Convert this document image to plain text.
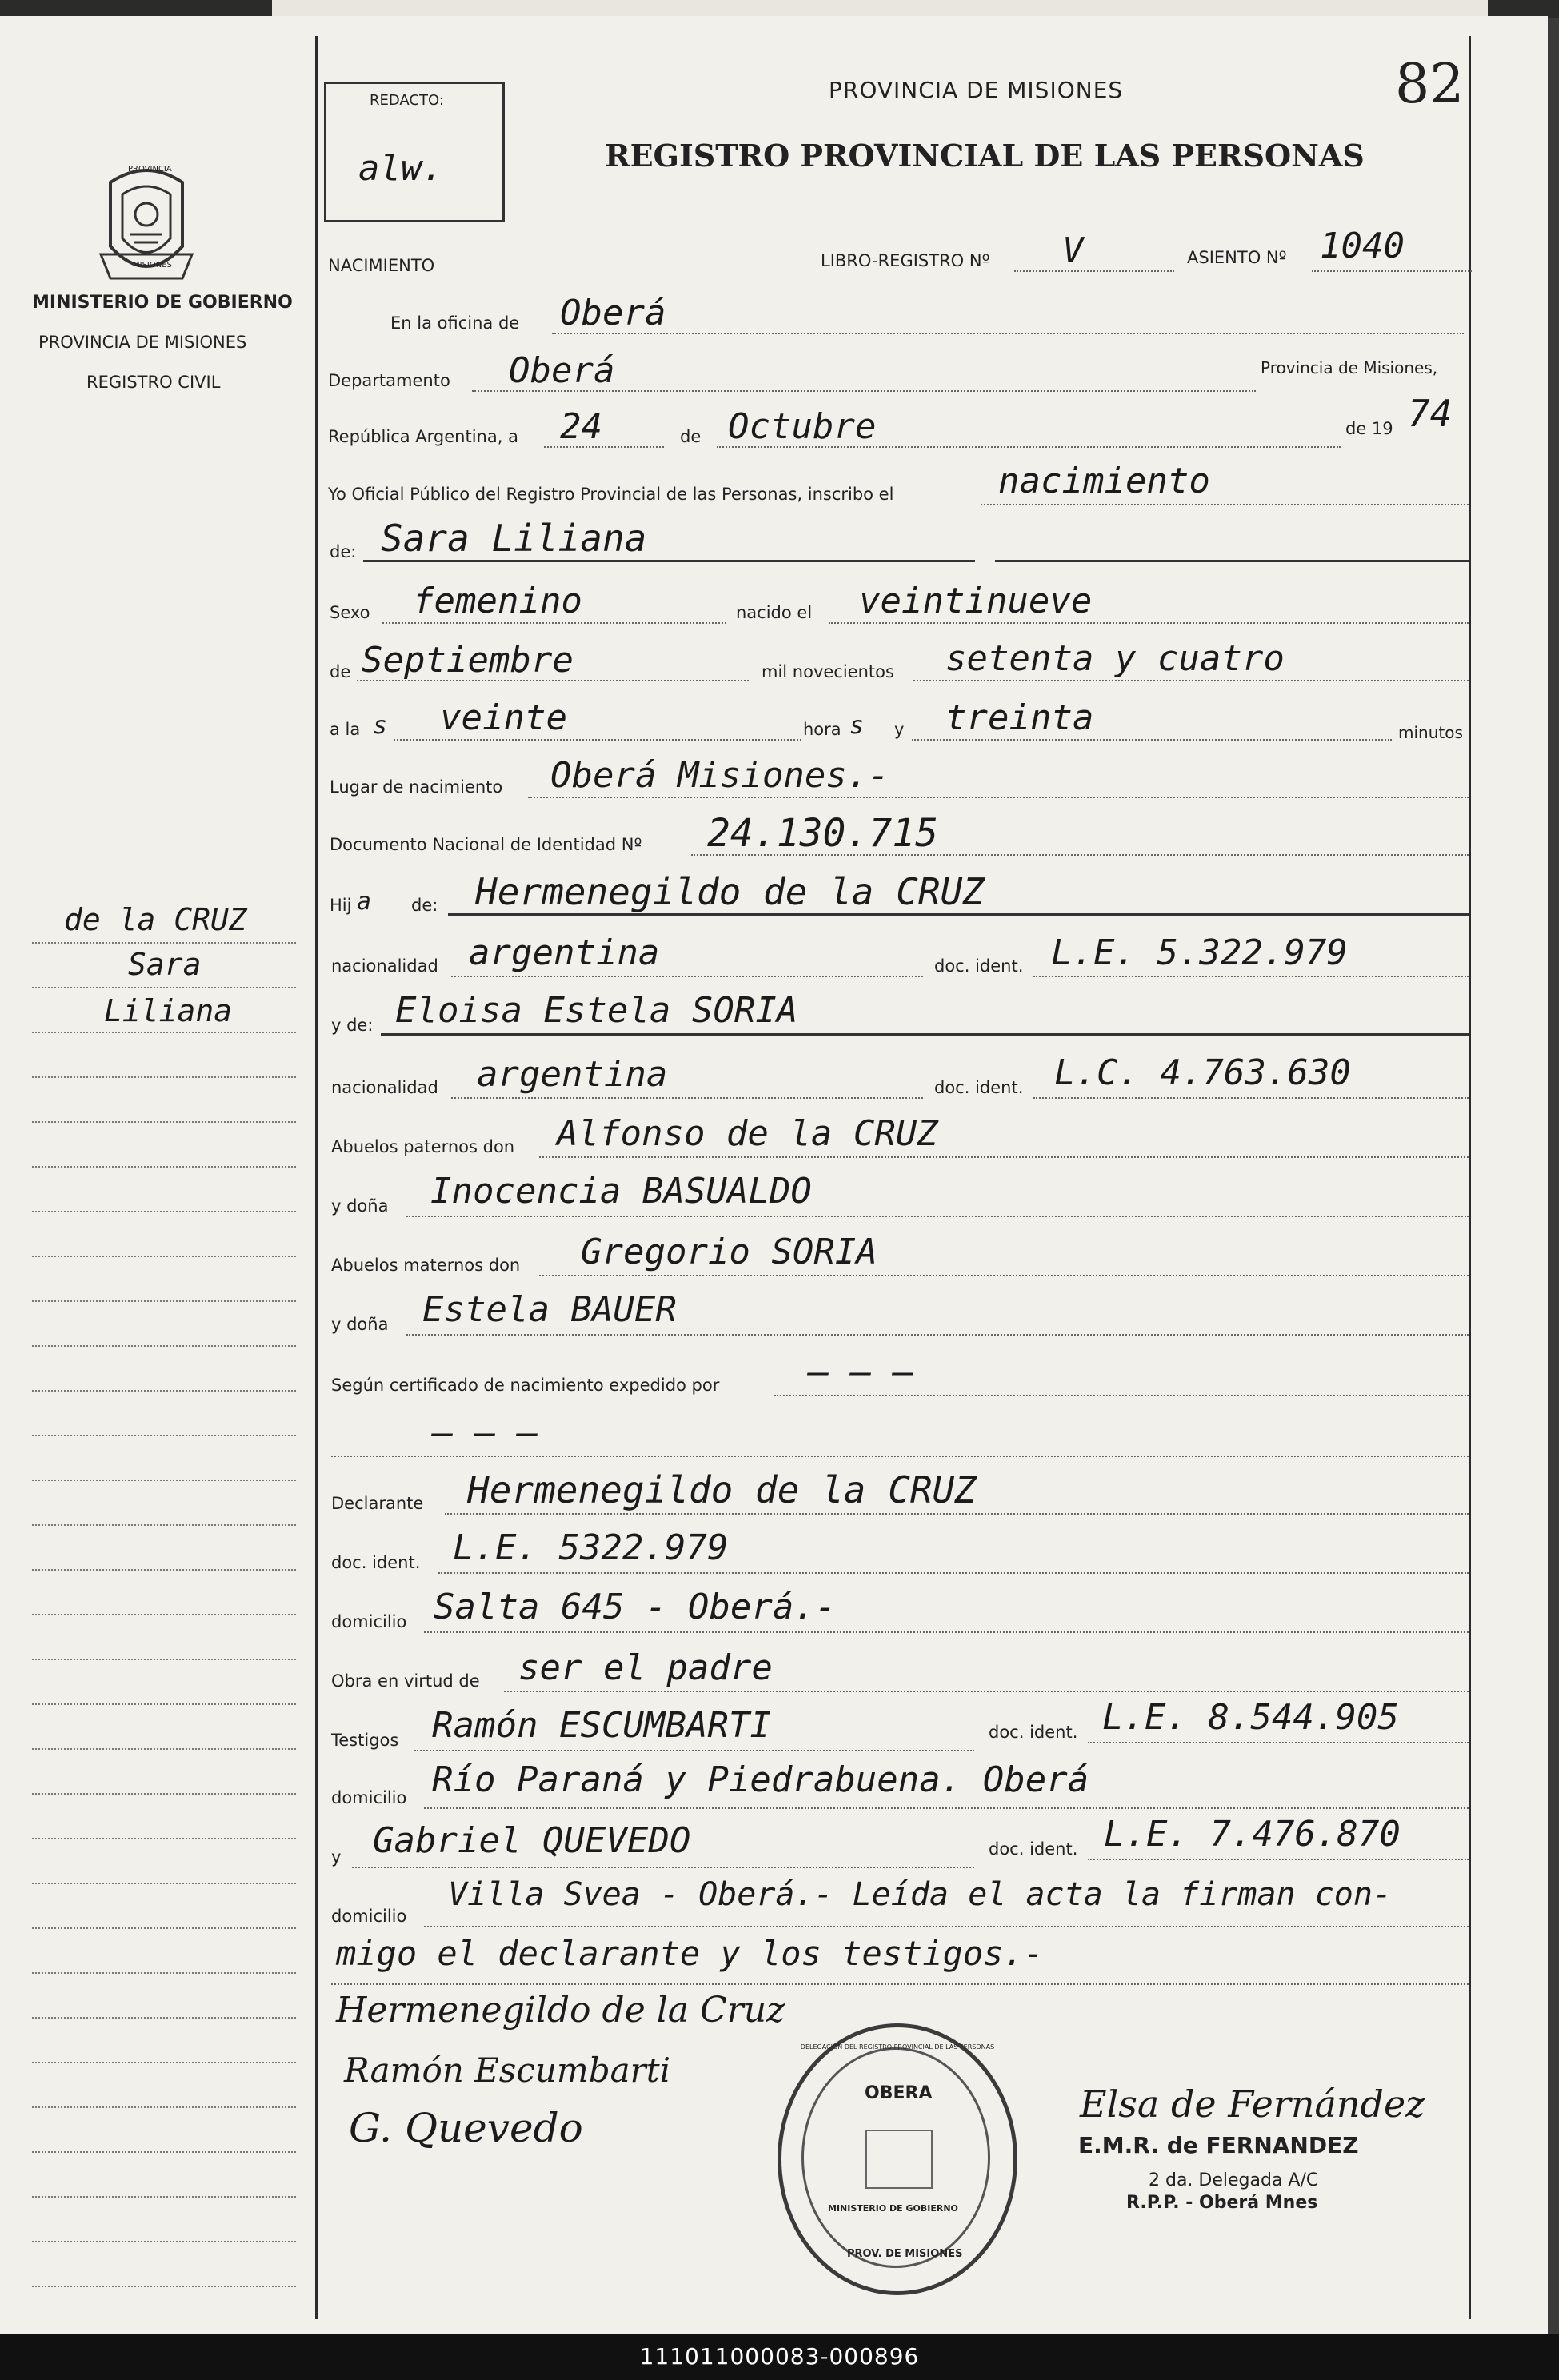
PROVINCIA
MISIONES
MINISTERIO DE GOBIERNO
PROVINCIA DE MISIONES
REGISTRO CIVIL
de la CRUZ
Sara
Liliana
REDACTO:
alw.
PROVINCIA DE MISIONES
REGISTRO PROVINCIAL DE LAS PERSONAS
82
NACIMIENTO	LIBRO-REGISTRO Nº V	ASIENTO Nº 1040
En la oficina de Oberá
Departamento Oberá	Provincia de Misiones,
República Argentina, a 24	de Octubre	de 19 74
Yo Oficial Público del Registro Provincial de las Personas, inscribo el	nacimiento
de: Sara Liliana
Sexo femenino	nacido el veintinueve
de Septiembre	mil novecientos setenta y cuatro
a la s veinte	hora s y treinta	minutos
Lugar de nacimiento Oberá Misiones.-
Documento Nacional de Identidad Nº 24.130.715
Hij a de: Hermenegildo de la CRUZ
nacionalidad argentina	doc. ident. L.E. 5.322.979
y de: Eloisa Estela SORIA
nacionalidad argentina	doc. ident. L.C. 4.763.630
Abuelos paternos don Alfonso de la CRUZ
y doña Inocencia BASUALDO
Abuelos maternos don Gregorio SORIA
y doña Estela BAUER
Según certificado de nacimiento expedido por	— — —
— — —
Declarante Hermenegildo de la CRUZ
doc. ident. L.E. 5322.979
domicilio Salta 645 - Oberá.-
Obra en virtud de ser el padre
Testigos Ramón ESCUMBARTI	doc. ident. L.E. 8.544.905
domicilio Río Paraná y Piedrabuena. Oberá
y Gabriel QUEVEDO	doc. ident. L.E. 7.476.870
domicilio
Villa Svea - Oberá.- Leída el acta la firman con-
migo el declarante y los testigos.-
Hermenegildo de la Cruz
Ramón Escumbarti
G. Quevedo
OBERA
DELEGACION DEL REGISTRO PROVINCIAL DE LAS PERSONAS
MINISTERIO DE GOBIERNO
PROV. DE MISIONES
Elsa de Fernández
E.M.R. de FERNANDEZ
2 da. Delegada A/C
R.P.P. - Oberá Mnes
111011000083-000896
